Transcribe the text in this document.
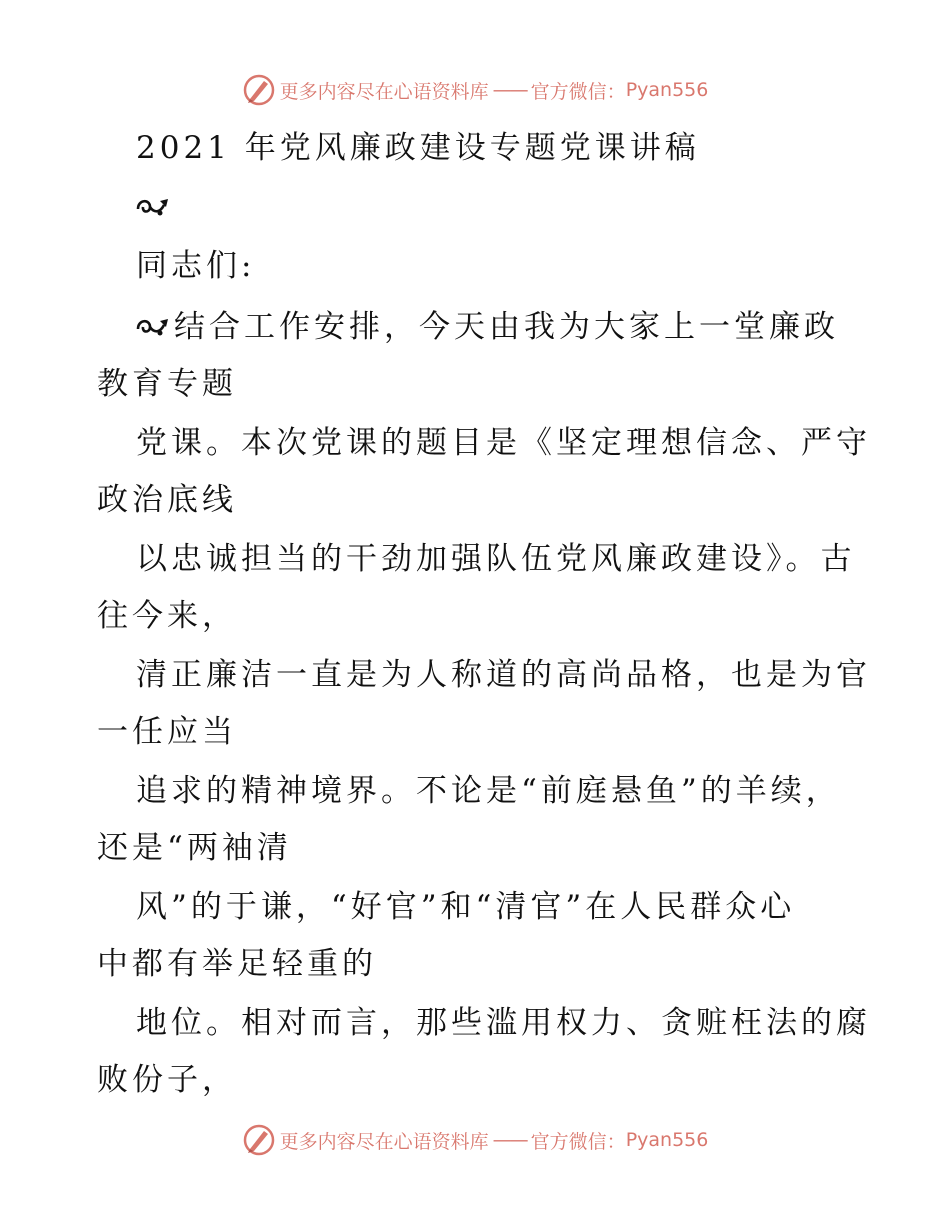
更多内容尽在心语资料库 —— 官方微信： Pyan556
2021 年党风廉政建设专题党课讲稿
同志们:
结合工作安排，今天由我为大家上一堂廉政
教育专题
党课。本次党课的题目是《坚定理想信念、严守
政治底线
以忠诚担当的干劲加强队伍党风廉政建设》。古
往今来，
清正廉洁一直是为人称道的高尚品格，也是为官
一任应当
追求的精神境界。不论是“前庭悬鱼”的羊续，
还是“两袖清
风”的于谦，“好官”和“清官”在人民群众心
中都有举足轻重的
地位。相对而言，那些滥用权力、贪赃枉法的腐
败份子，
更多内容尽在心语资料库 —— 官方微信： Pyan556
